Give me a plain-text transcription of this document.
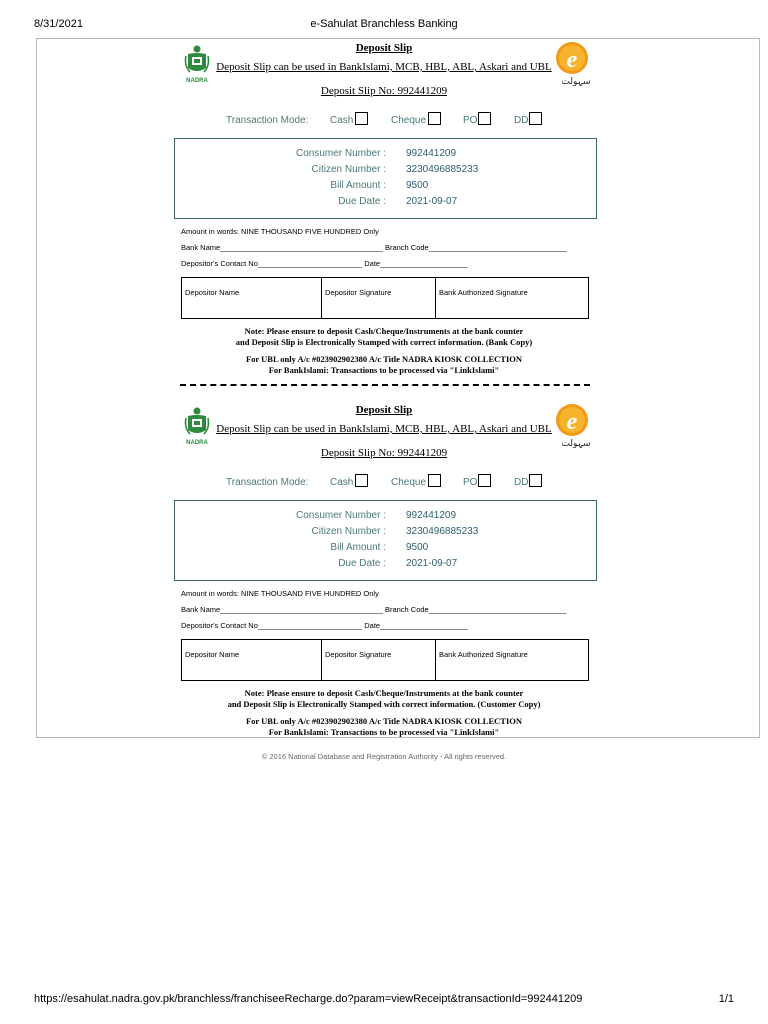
8/31/2021	e-Sahulat Branchless Banking
NADRA
Deposit Slip
Deposit Slip can be used in BankIslami, MCB, HBL, ABL, Askari and UBL
Deposit Slip No: 992441209
e
سہولت
Transaction Mode: Cash	Cheque	PO	DD
Consumer Number : 992441209
Citizen Number : 3230496885233
Bill Amount : 9500
Due Date : 2021-09-07
Amount in words: NINE THOUSAND FIVE HUNDRED Only
Bank Name_______________________________________ Branch Code_________________________________
Depositor's Contact No_________________________ Date_____________________
Depositor Name	Depositor Signature	Bank Authorized Signature
Note: Please ensure to deposit Cash/Cheque/Instruments at the bank counter
and Deposit Slip is Electronically Stamped with correct information. (Bank Copy)
For UBL only A/c #023902902380 A/c Title NADRA KIOSK COLLECTION
For BankIslami: Transactions to be processed via "LinkIslami"
NADRA
Deposit Slip
Deposit Slip can be used in BankIslami, MCB, HBL, ABL, Askari and UBL
Deposit Slip No: 992441209
e
سہولت
Transaction Mode: Cash	Cheque	PO	DD
Consumer Number : 992441209
Citizen Number : 3230496885233
Bill Amount : 9500
Due Date : 2021-09-07
Amount in words: NINE THOUSAND FIVE HUNDRED Only
Bank Name_______________________________________ Branch Code_________________________________
Depositor's Contact No_________________________ Date_____________________
Depositor Name	Depositor Signature	Bank Authorized Signature
Note: Please ensure to deposit Cash/Cheque/Instruments at the bank counter
and Deposit Slip is Electronically Stamped with correct information. (Customer Copy)
For UBL only A/c #023902902380 A/c Title NADRA KIOSK COLLECTION
For BankIslami: Transactions to be processed via "LinkIslami"
© 2016 National Database and Registration Authority - All rights reserved.
https://esahulat.nadra.gov.pk/branchless/franchiseeRecharge.do?param=viewReceipt&transactionId=992441209	1/1
